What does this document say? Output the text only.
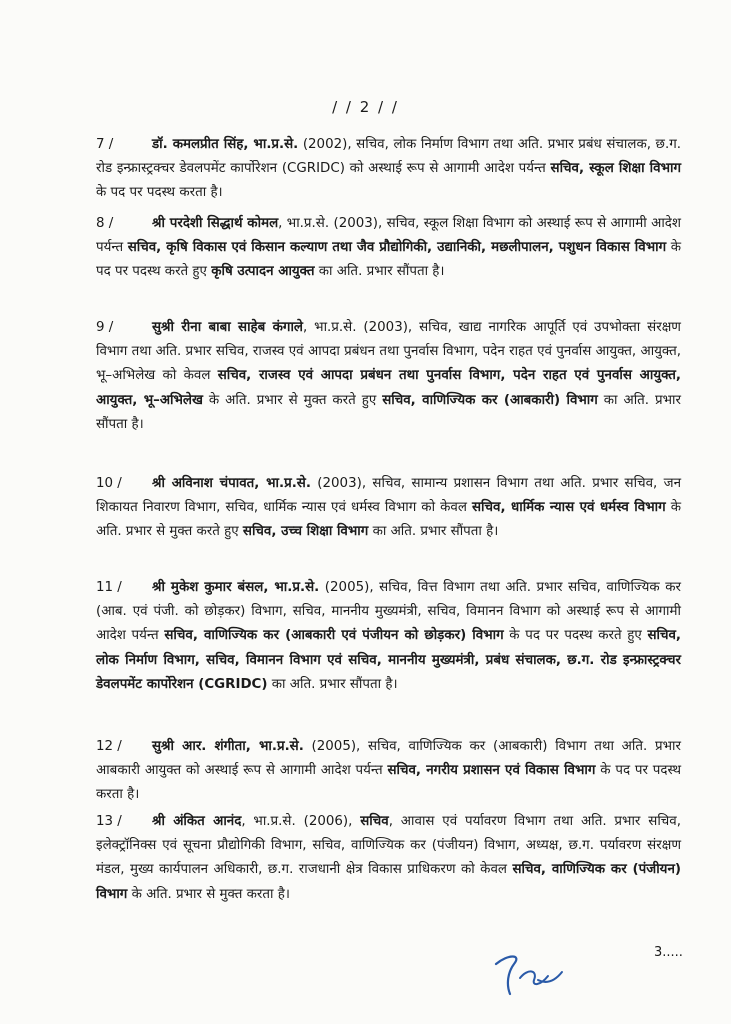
/ / 2 / /
7 /	डॉ. कमलप्रीत सिंह, भा.प्र.से. (2002), सचिव, लोक निर्माण विभाग तथा अति. प्रभार प्रबंध संचालक, छ.ग. रोड इन्फ्रास्ट्रक्चर डेवलपमेंट कार्पोरेशन (CGRIDC) को अस्थाई रूप से आगामी आदेश पर्यन्त सचिव, स्कूल शिक्षा विभाग के पद पर पदस्थ करता है।
8 /	श्री परदेशी सिद्धार्थ कोमल, भा.प्र.से. (2003), सचिव, स्कूल शिक्षा विभाग को अस्थाई रूप से आगामी आदेश पर्यन्त सचिव, कृषि विकास एवं किसान कल्याण तथा जैव प्रौद्योगिकी, उद्यानिकी, मछलीपालन, पशुधन विकास विभाग के पद पर पदस्थ करते हुए कृषि उत्पादन आयुक्त का अति. प्रभार सौंपता है।
9 /	सुश्री रीना बाबा साहेब कंगाले, भा.प्र.से. (2003), सचिव, खाद्य नागरिक आपूर्ति एवं उपभोक्ता संरक्षण विभाग तथा अति. प्रभार सचिव, राजस्व एवं आपदा प्रबंधन तथा पुनर्वास विभाग, पदेन राहत एवं पुनर्वास आयुक्त, आयुक्त, भू–अभिलेख को केवल सचिव, राजस्व एवं आपदा प्रबंधन तथा पुनर्वास विभाग, पदेन राहत एवं पुनर्वास आयुक्त, आयुक्त, भू–अभिलेख के अति. प्रभार से मुक्त करते हुए सचिव, वाणिज्यिक कर (आबकारी) विभाग का अति. प्रभार सौंपता है।
10 / श्री अविनाश चंपावत, भा.प्र.से. (2003), सचिव, सामान्य प्रशासन विभाग तथा अति. प्रभार सचिव, जन शिकायत निवारण विभाग, सचिव, धार्मिक न्यास एवं धर्मस्व विभाग को केवल सचिव, धार्मिक न्यास एवं धर्मस्व विभाग के अति. प्रभार से मुक्त करते हुए सचिव, उच्च शिक्षा विभाग का अति. प्रभार सौंपता है।
11 / श्री मुकेश कुमार बंसल, भा.प्र.से. (2005), सचिव, वित्त विभाग तथा अति. प्रभार सचिव, वाणिज्यिक कर (आब. एवं पंजी. को छोड़कर) विभाग, सचिव, माननीय मुख्यमंत्री, सचिव, विमानन विभाग को अस्थाई रूप से आगामी आदेश पर्यन्त सचिव, वाणिज्यिक कर (आबकारी एवं पंजीयन को छोड़कर) विभाग के पद पर पदस्थ करते हुए सचिव, लोक निर्माण विभाग, सचिव, विमानन विभाग एवं सचिव, माननीय मुख्यमंत्री, प्रबंध संचालक, छ.ग. रोड इन्फ्रास्ट्रक्चर डेवलपमेंट कार्पोरेशन (CGRIDC) का अति. प्रभार सौंपता है।
12 / सुश्री आर. शंगीता, भा.प्र.से. (2005), सचिव, वाणिज्यिक कर (आबकारी) विभाग तथा अति. प्रभार आबकारी आयुक्त को अस्थाई रूप से आगामी आदेश पर्यन्त सचिव, नगरीय प्रशासन एवं विकास विभाग के पद पर पदस्थ करता है।
13 / श्री अंकित आनंद, भा.प्र.से. (2006), सचिव, आवास एवं पर्यावरण विभाग तथा अति. प्रभार सचिव, इलेक्ट्रॉनिक्स एवं सूचना प्रौद्योगिकी विभाग, सचिव, वाणिज्यिक कर (पंजीयन) विभाग, अध्यक्ष, छ.ग. पर्यावरण संरक्षण मंडल, मुख्य कार्यपालन अधिकारी, छ.ग. राजधानी क्षेत्र विकास प्राधिकरण को केवल सचिव, वाणिज्यिक कर (पंजीयन) विभाग के अति. प्रभार से मुक्त करता है।
3.....
